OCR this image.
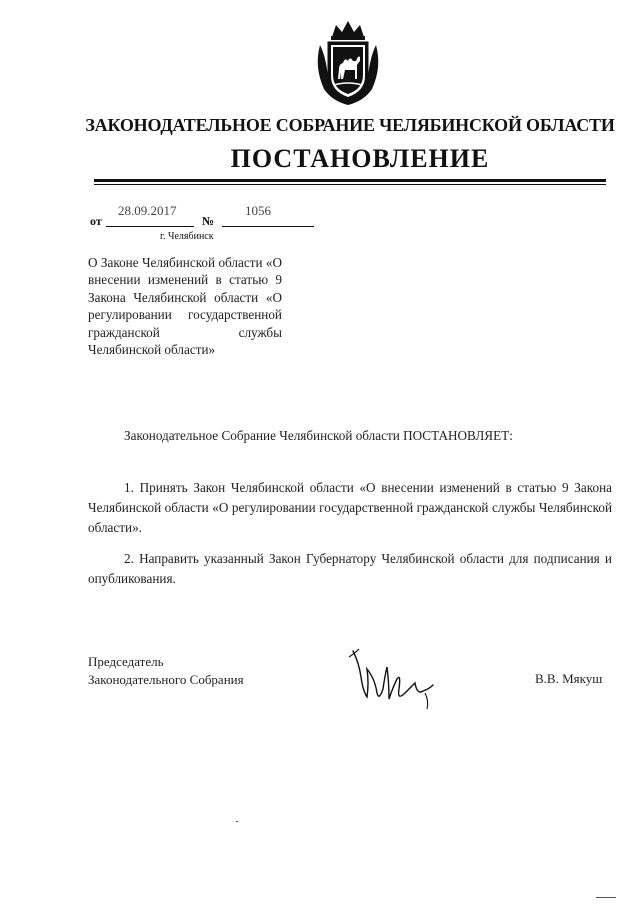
ЗАКОНОДАТЕЛЬНОЕ СОБРАНИЕ ЧЕЛЯБИНСКОЙ ОБЛАСТИ
ПОСТАНОВЛЕНИЕ
от
28.09.2017
№
1056
г. Челябинск
О Законе Челябинской области «О внесении изменений в статью 9 Закона Челябинской области «О регулировании государственной гражданской службы Челябинской области»
Законодательное Собрание Челябинской области ПОСТАНОВЛЯЕТ:

1. Принять Закон Челябинской области «О внесении изменений в статью 9 Закона Челябинской области «О регулировании государственной гражданской службы Челябинской области».

2. Направить указанный Закон Губернатору Челябинской области для подписания и опубликования.

Председатель
Законодательного Собрания	В.В. Мякуш
